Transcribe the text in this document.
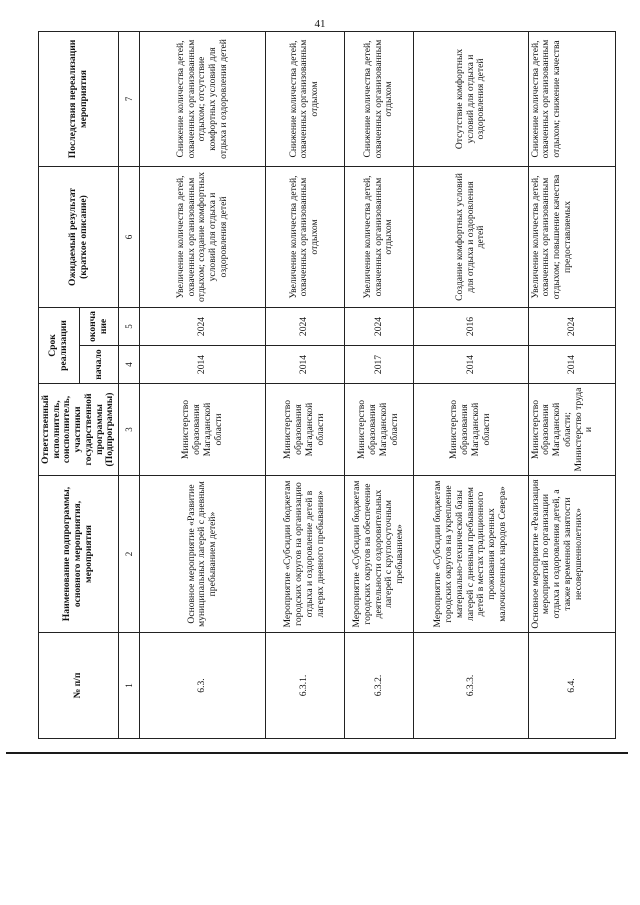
41
№ п/п	Наименование подпрограммы, основного мероприятия, мероприятия	Ответственный исполнитель, соисполнитель, участники государственной программы (Подпрограммы)	Срок реализации		Ожидаемый результат (краткое описание)	Последствия нереализации мероприятия
			начало	оконча ние		
1	2	3	4	5	6	7
6.3.	Основное мероприятие «Развитие муниципальных лагерей с дневным пребыванием детей»	Министерство образования Магаданской области	2014	2024	Увеличение количества детей, охваченных организованным отдыхом; создание комфортных условий для отдыха и оздоровления детей	Снижение количества детей, охваченных организованным отдыхом; отсутствие комфортных условий для отдыха и оздоровления детей
6.3.1.	Мероприятие «Субсидии бюджетам городских округов на организацию отдыха и оздоровление детей в лагерях дневного пребывания»	Министерство образования Магаданской области	2014	2024	Увеличение количества детей, охваченных организованным отдыхом	Снижение количества детей, охваченных организованным отдыхом
6.3.2.	Мероприятие «Субсидии бюджетам городских округов на обеспечение деятельности оздоровительных лагерей с круглосуточным пребыванием»	Министерство образования Магаданской области	2017	2024	Увеличение количества детей, охваченных организованным отдыхом	Снижение количества детей, охваченных организованным отдыхом
6.3.3.	Мероприятие «Субсидии бюджетам городских округов на укрепление материально-технической базы лагерей с дневным пребыванием детей в местах традиционного проживания коренных малочисленных народов Севера»	Министерство образования Магаданской области	2014	2016	Создание комфортных условий для отдыха и оздоровления детей	Отсутствие комфортных условий для отдыха и оздоровления детей
6.4.	Основное мероприятие «Реализация мероприятий по организации отдыха и оздоровления детей, а также временной занятости несовершеннолетних»	Министерство образования Магаданской области; Министерство труда и	2014	2024	Увеличение количества детей, охваченных организованным отдыхом; повышение качества предоставляемых	Снижение количества детей, охваченных организованным отдыхом; снижение качества
